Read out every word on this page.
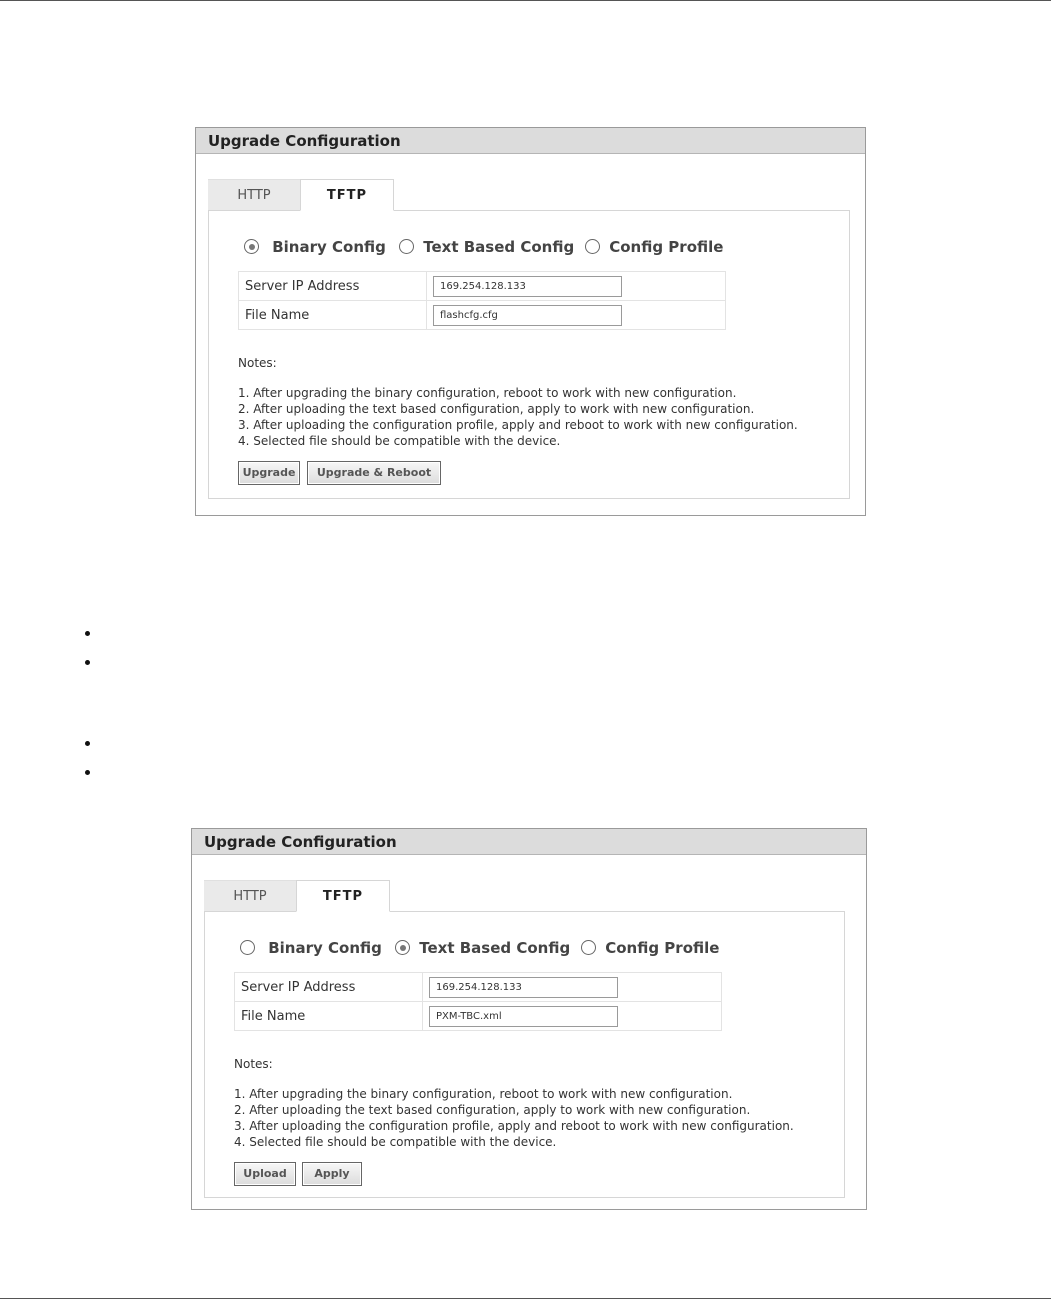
Upgrade Configuration
HTTP	TFTP
Binary Config	Text Based Config	Config Profile
Server IP Address	169.254.128.133

File Name	flashcfg.cfg
Notes:
1. After upgrading the binary configuration, reboot to work with new configuration.
2. After uploading the text based configuration, apply to work with new configuration.
3. After uploading the configuration profile, apply and reboot to work with new configuration.
4. Selected file should be compatible with the device.
Upgrade	Upgrade & Reboot
Upgrade Configuration
HTTP	TFTP
Binary Config	Text Based Config	Config Profile
Server IP Address	169.254.128.133

File Name	PXM-TBC.xml
Notes:
1. After upgrading the binary configuration, reboot to work with new configuration.
2. After uploading the text based configuration, apply to work with new configuration.
3. After uploading the configuration profile, apply and reboot to work with new configuration.
4. Selected file should be compatible with the device.
Upload	Apply
